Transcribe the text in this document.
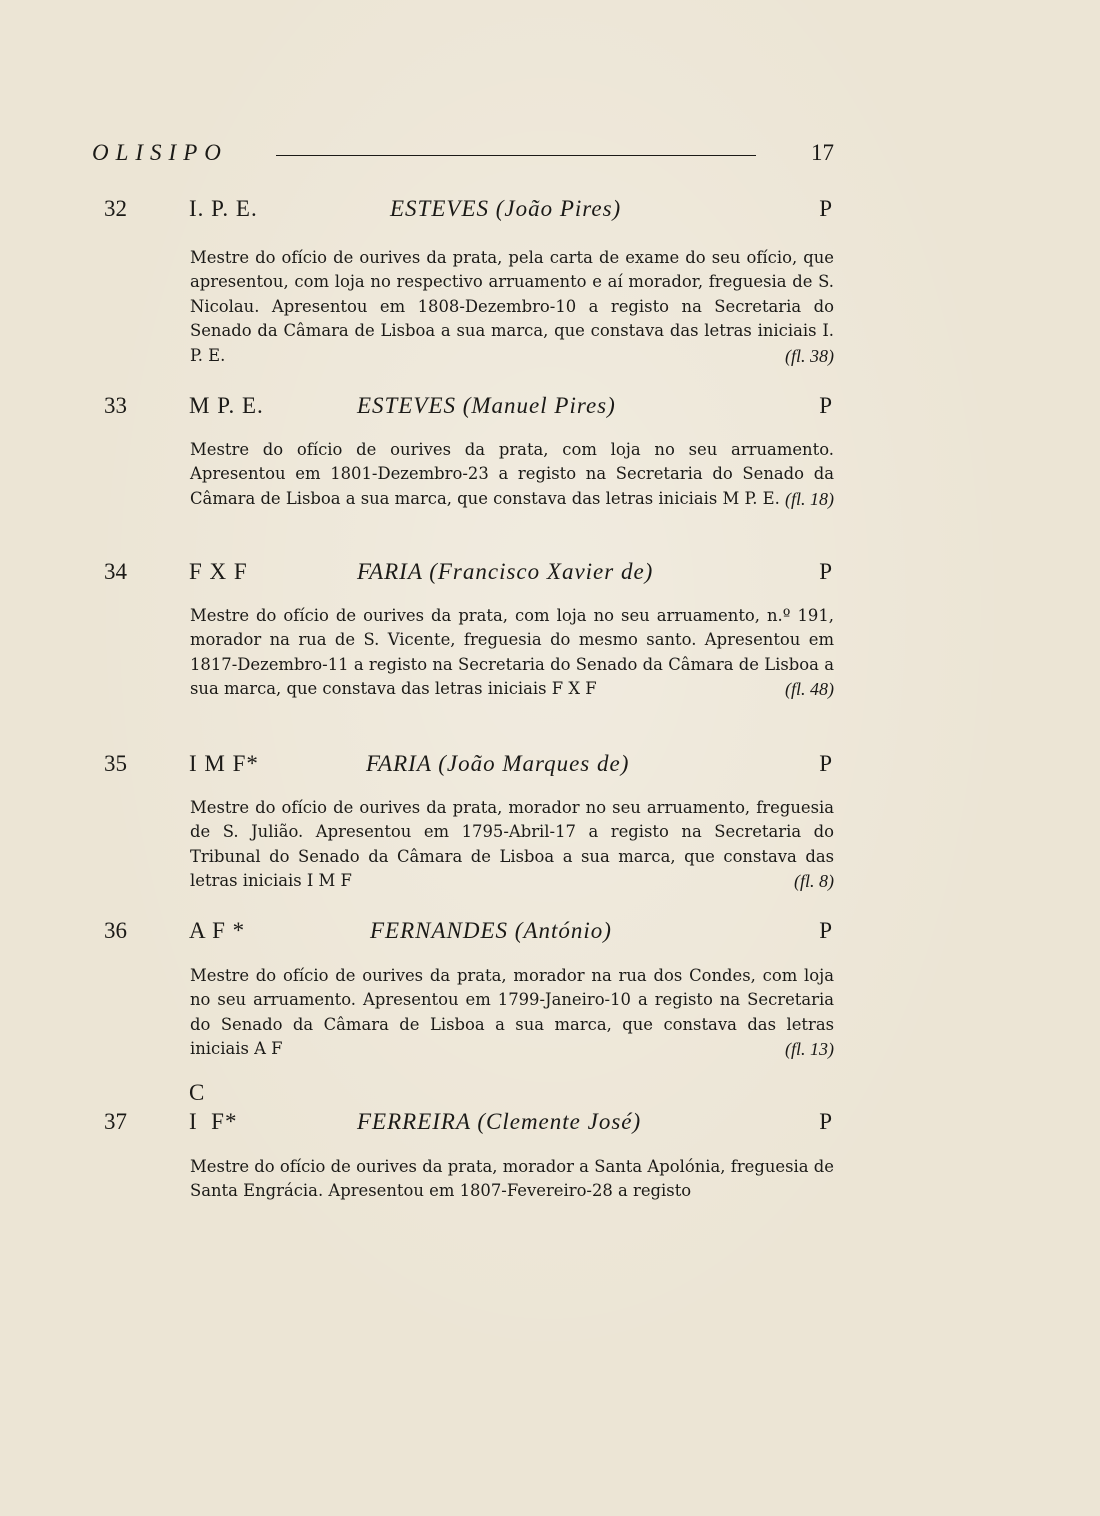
OLISIPO	17
32	I. P. E.	ESTEVES (João Pires)	P
Mestre do ofício de ourives da prata, pela carta de exame do seu ofício, que apresentou, com loja no respectivo arruamento e aí morador, freguesia de S. Nicolau. Apresentou em 1808-Dezembro-10 a registo na Secretaria do Senado da Câmara de Lisboa a sua marca, que constava das letras iniciais I. P. E.	(fl. 38)
33	M P. E.	ESTEVES (Manuel Pires)	P
Mestre do ofício de ourives da prata, com loja no seu arruamento. Apresentou em 1801-Dezembro-23 a registo na Secretaria do Senado da Câmara de Lisboa a sua marca, que constava das letras iniciais M P. E. (fl. 18)
34	F X F	FARIA (Francisco Xavier de)	P
Mestre do ofício de ourives da prata, com loja no seu arruamento, n.º 191, morador na rua de S. Vicente, freguesia do mesmo santo. Apresentou em 1817-Dezembro-11 a registo na Secretaria do Senado da Câmara de Lisboa a sua marca, que constava das letras iniciais F X F	(fl. 48)
35	I M F*	FARIA (João Marques de)	P
Mestre do ofício de ourives da prata, morador no seu arruamento, freguesia de S. Julião. Apresentou em 1795-Abril-17 a registo na Secretaria do Tribunal do Senado da Câmara de Lisboa a sua marca, que constava das letras iniciais I M F	(fl. 8)
36	A F *	FERNANDES (António)	P
Mestre do ofício de ourives da prata, morador na rua dos Condes, com loja no seu arruamento. Apresentou em 1799-Janeiro-10 a registo na Secretaria do Senado da Câmara de Lisboa a sua marca, que constava das letras iniciais A F	(fl. 13)
C
37	I  F*	FERREIRA (Clemente José)	P
Mestre do ofício de ourives da prata, morador a Santa Apolónia, freguesia de Santa Engrácia. Apresentou em 1807-Fevereiro-28 a registo
